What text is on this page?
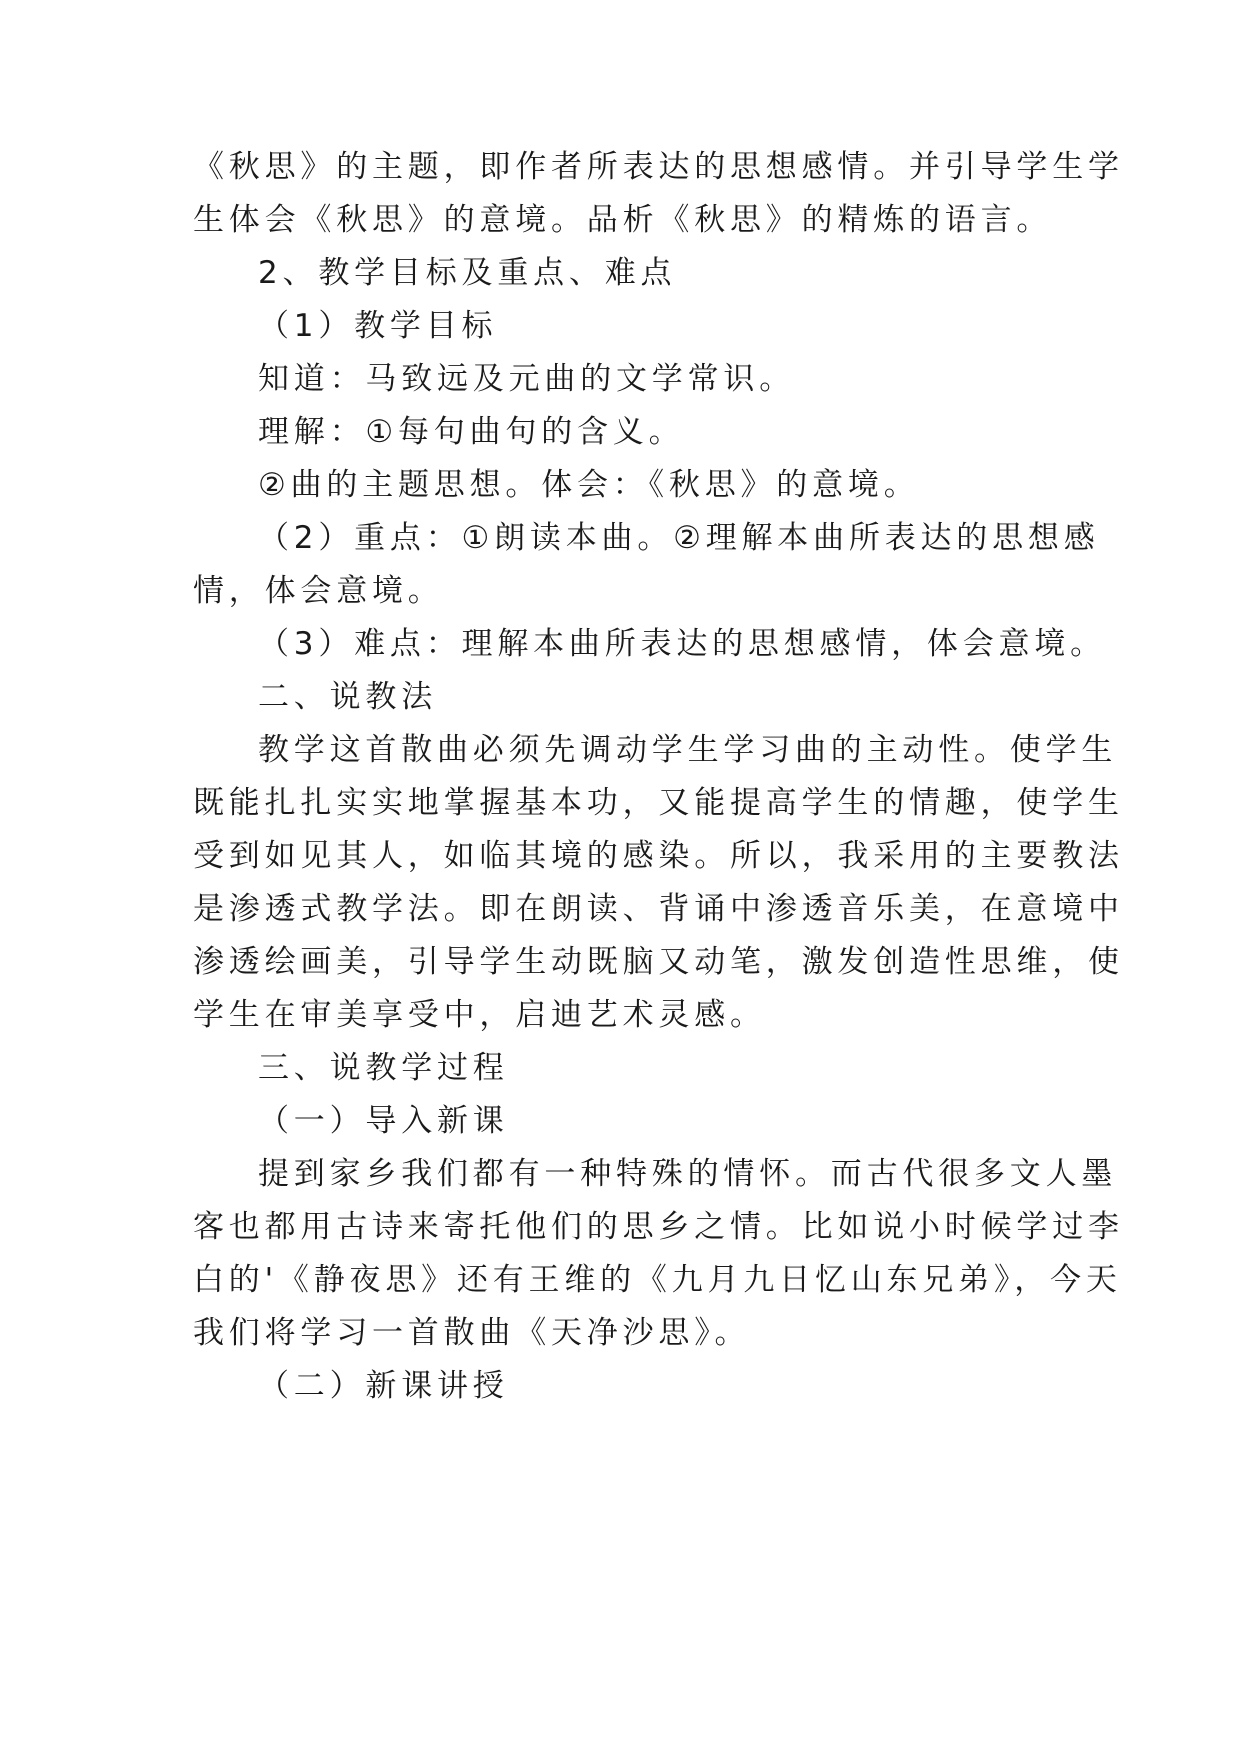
《秋思》的主题，即作者所表达的思想感情。并引导学生学
生体会《秋思》的意境。品析《秋思》的精炼的语言。
2、教学目标及重点、难点
（1）教学目标
知道：马致远及元曲的文学常识。
理解：①每句曲句的含义。
②曲的主题思想。体会：《秋思》的意境。
（2）重点：①朗读本曲。②理解本曲所表达的思想感
情，体会意境。
（3）难点：理解本曲所表达的思想感情，体会意境。
二、说教法
教学这首散曲必须先调动学生学习曲的主动性。使学生
既能扎扎实实地掌握基本功，又能提高学生的情趣，使学生
受到如见其人，如临其境的感染。所以，我采用的主要教法
是渗透式教学法。即在朗读、背诵中渗透音乐美，在意境中
渗透绘画美，引导学生动既脑又动笔，激发创造性思维，使
学生在审美享受中，启迪艺术灵感。
三、说教学过程
（一）导入新课
提到家乡我们都有一种特殊的情怀。而古代很多文人墨
客也都用古诗来寄托他们的思乡之情。比如说小时候学过李
白的'《静夜思》还有王维的《九月九日忆山东兄弟》，今天
我们将学习一首散曲《天净沙思》。
（二）新课讲授
